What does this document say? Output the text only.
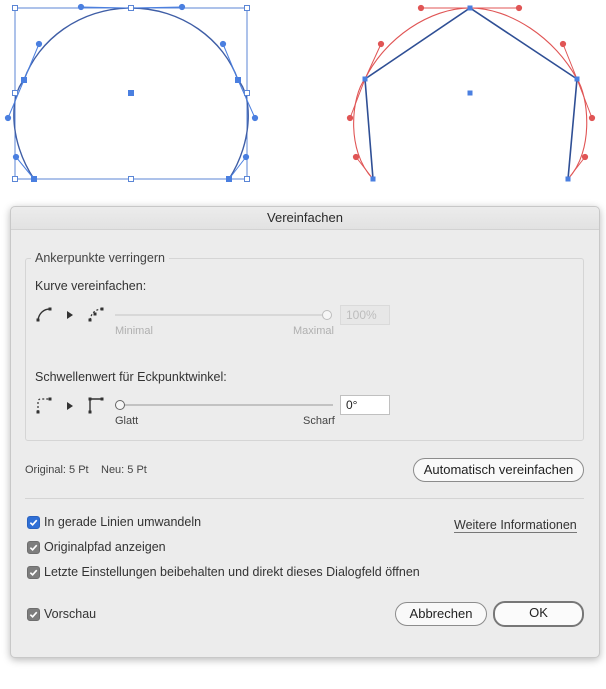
Vereinfachen
Ankerpunkte verringern
Kurve vereinfachen:
Minimal	Maximal
100%
Schwellenwert für Eckpunktwinkel:
Glatt	Scharf
0°
Original: 5 Pt Neu: 5 Pt	Automatisch vereinfachen
In gerade Linien umwandeln	Weitere Informationen
Originalpfad anzeigen
Letzte Einstellungen beibehalten und direkt dieses Dialogfeld öffnen
Vorschau	Abbrechen	OK
